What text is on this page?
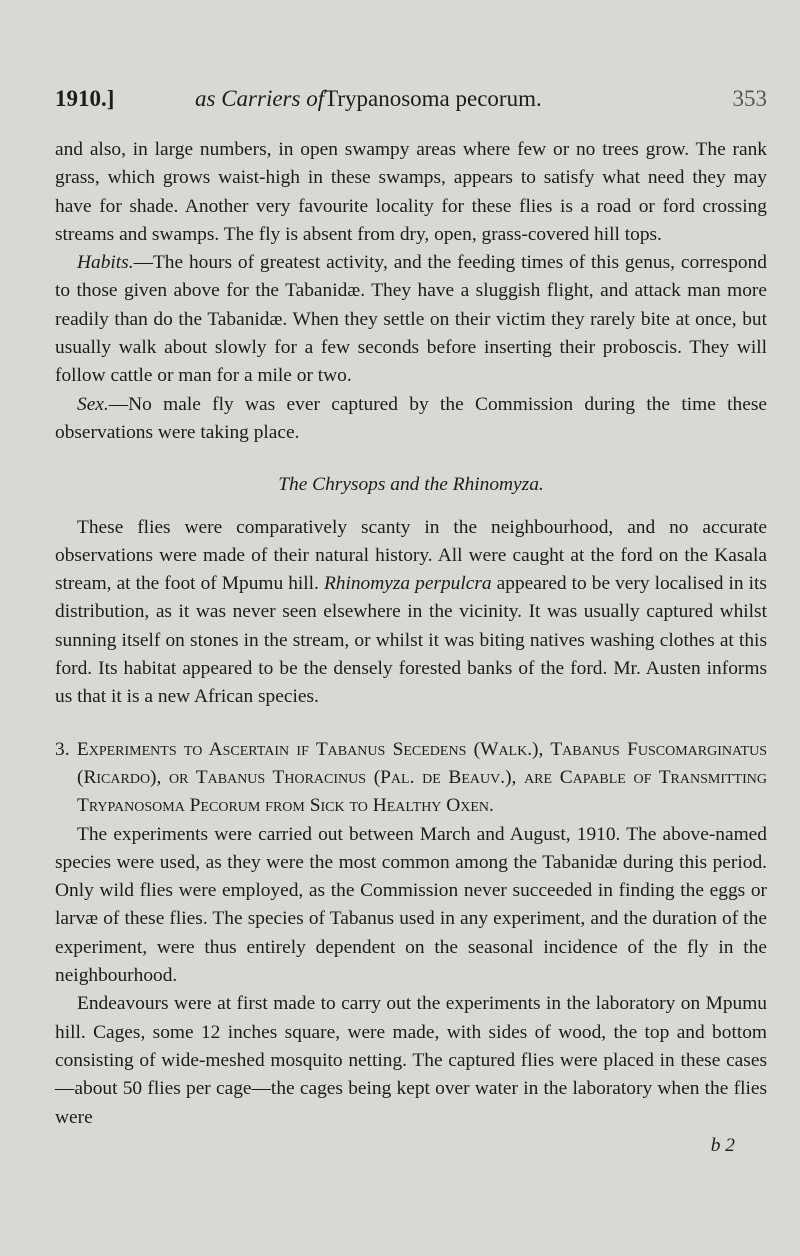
1910.]	as Carriers ofTrypanosoma pecorum.	353

and also, in large numbers, in open swampy areas where few or no trees grow. The rank grass, which grows waist-high in these swamps, appears to satisfy what need they may have for shade. Another very favourite locality for these flies is a road or ford crossing streams and swamps. The fly is absent from dry, open, grass-covered hill tops.

Habits.—The hours of greatest activity, and the feeding times of this genus, correspond to those given above for the Tabanidæ. They have a sluggish flight, and attack man more readily than do the Tabanidæ. When they settle on their victim they rarely bite at once, but usually walk about slowly for a few seconds before inserting their proboscis. They will follow cattle or man for a mile or two.

Sex.—No male fly was ever captured by the Commission during the time these observations were taking place.

The Chrysops and the Rhinomyza.

These flies were comparatively scanty in the neighbourhood, and no accurate observations were made of their natural history. All were caught at the ford on the Kasala stream, at the foot of Mpumu hill. Rhinomyza perpulcra appeared to be very localised in its distribution, as it was never seen elsewhere in the vicinity. It was usually captured whilst sunning itself on stones in the stream, or whilst it was biting natives washing clothes at this ford. Its habitat appeared to be the densely forested banks of the ford. Mr. Austen informs us that it is a new African species.

3. Experiments to Ascertain if Tabanus Secedens (Walk.), Tabanus Fuscomarginatus (Ricardo), or Tabanus Thoracinus (Pal. de Beauv.), are Capable of Transmitting Trypanosoma Pecorum from Sick to Healthy Oxen.

The experiments were carried out between March and August, 1910. The above-named species were used, as they were the most common among the Tabanidæ during this period. Only wild flies were employed, as the Commission never succeeded in finding the eggs or larvæ of these flies. The species of Tabanus used in any experiment, and the duration of the experiment, were thus entirely dependent on the seasonal incidence of the fly in the neighbourhood.

Endeavours were at first made to carry out the experiments in the laboratory on Mpumu hill. Cages, some 12 inches square, were made, with sides of wood, the top and bottom consisting of wide-meshed mosquito netting. The captured flies were placed in these cases—about 50 flies per cage—the cages being kept over water in the laboratory when the flies were

b 2
